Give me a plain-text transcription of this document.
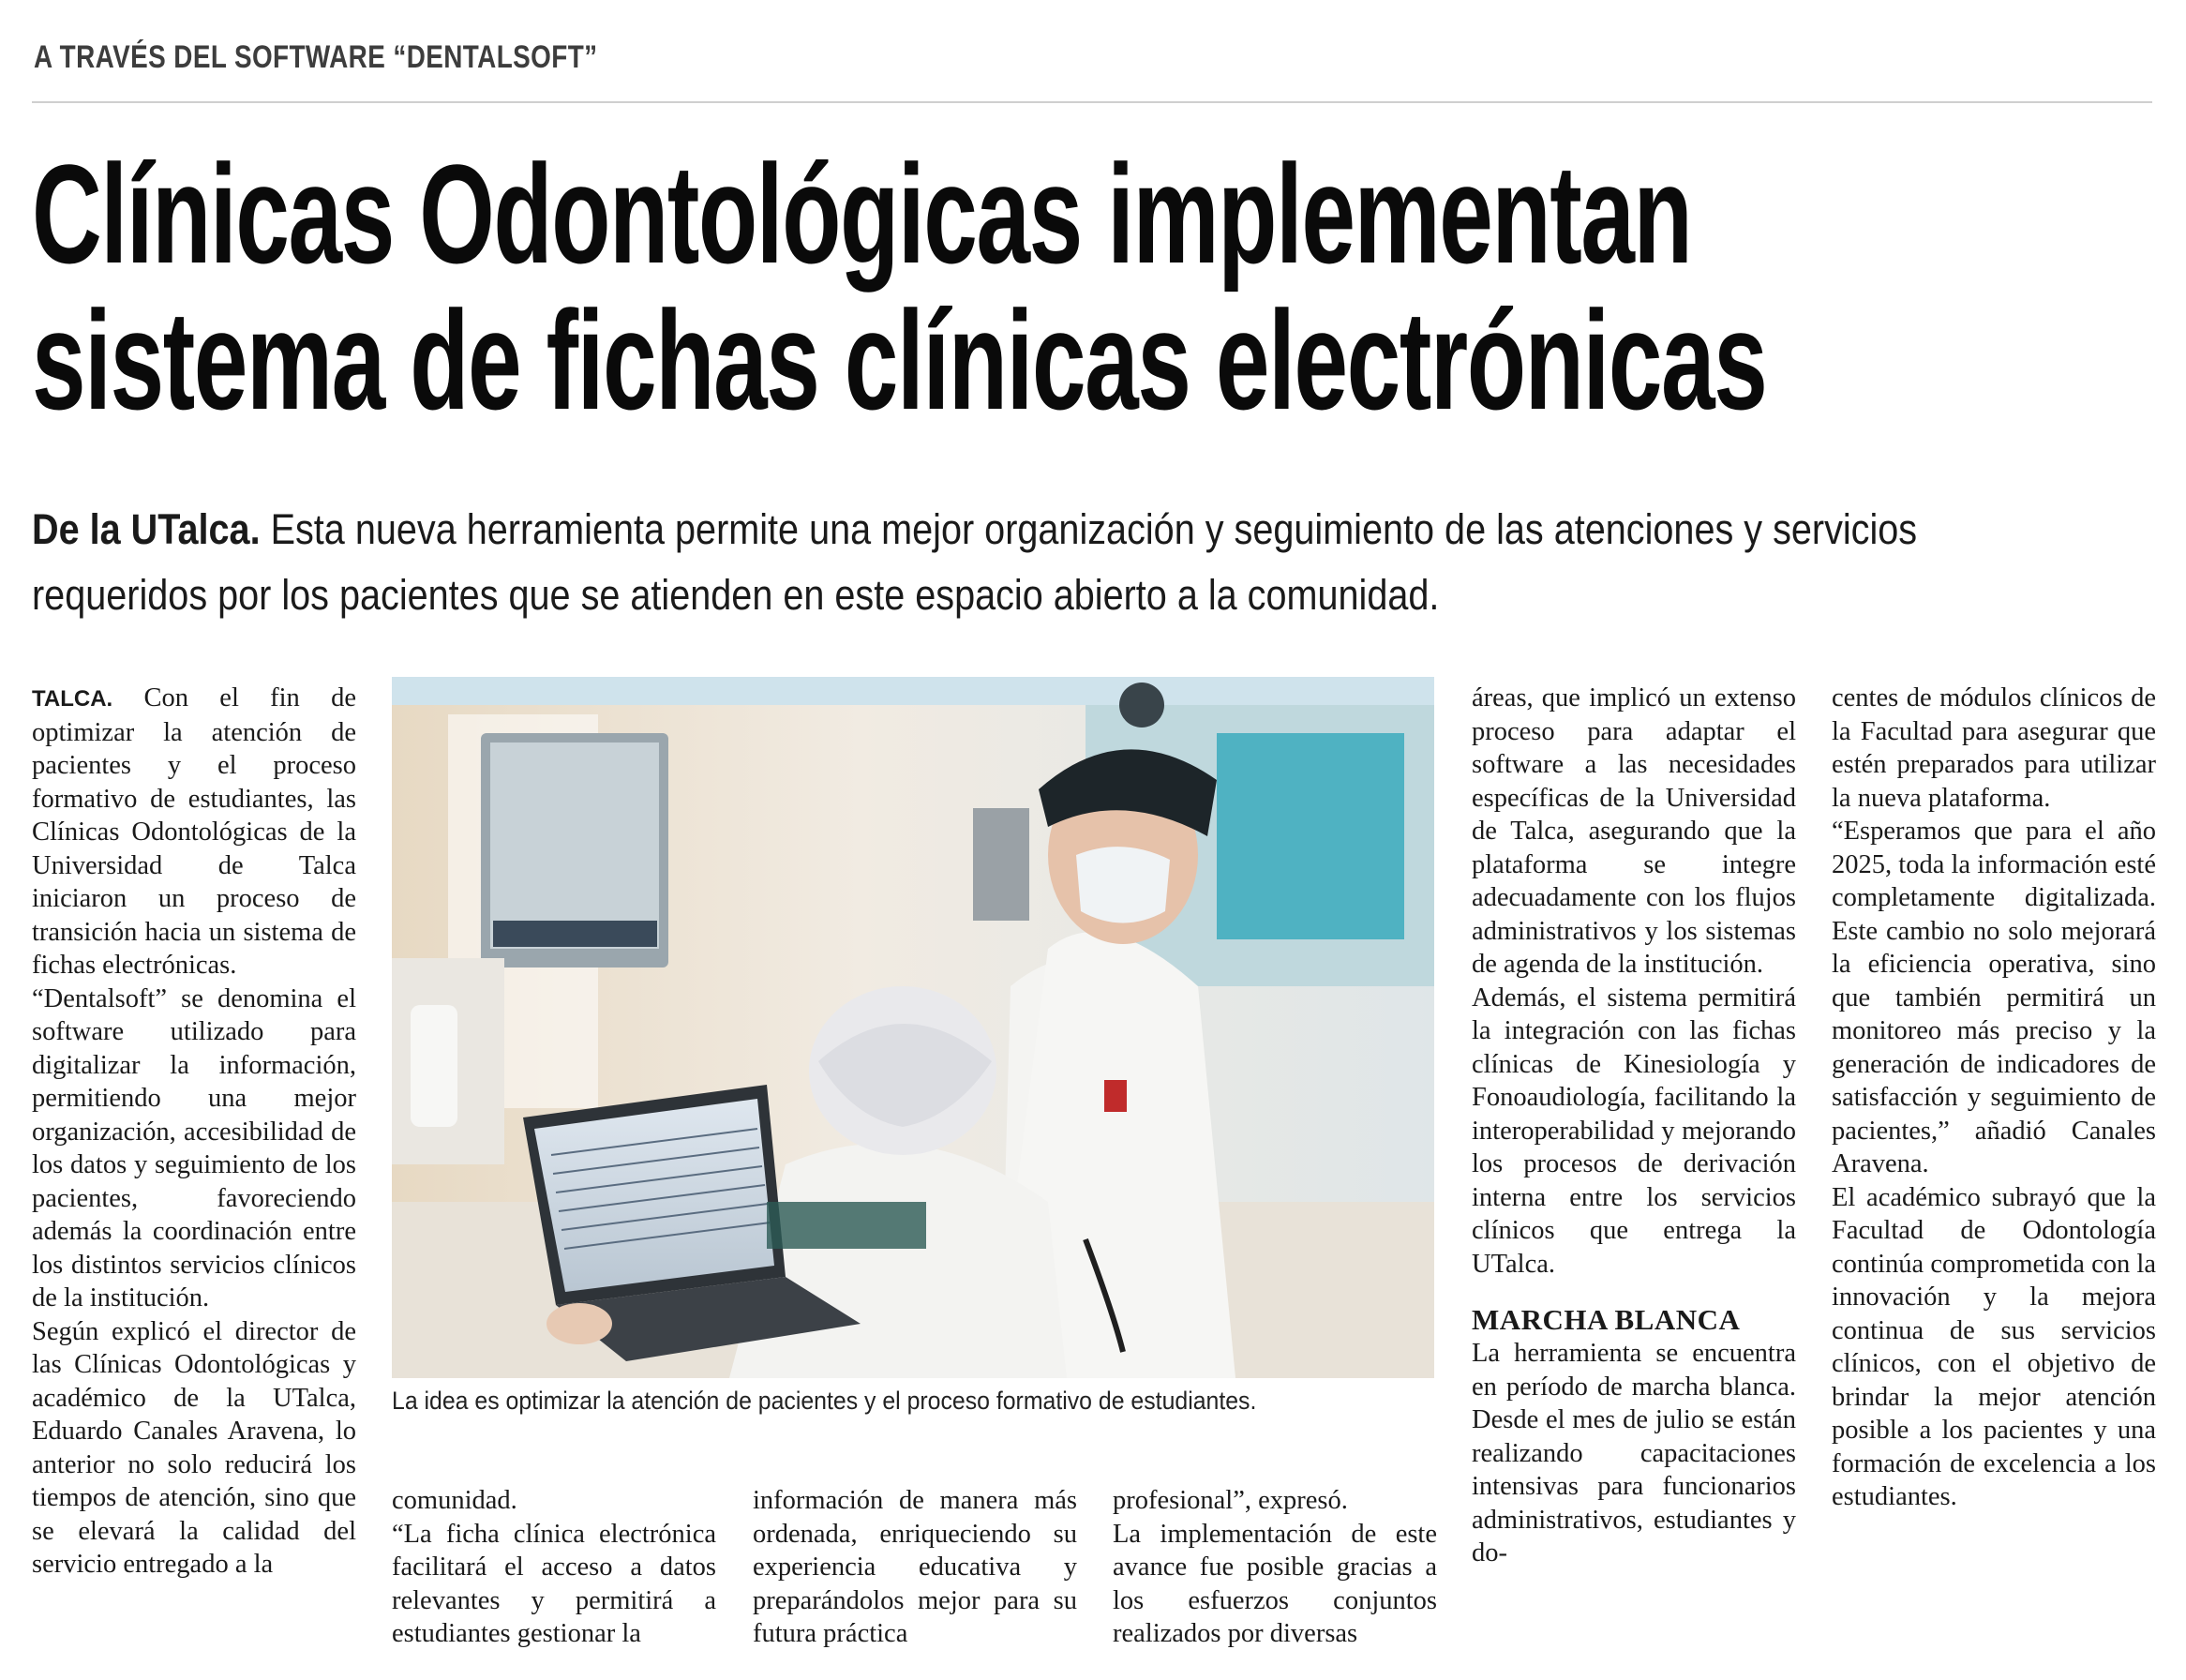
A TRAVÉS DEL SOFTWARE “DENTALSOFT”
Clínicas Odontológicas implementan
sistema de fichas clínicas electrónicas
De la UTalca. Esta nueva herramienta permite una mejor organización y seguimiento de las atenciones y servicios
requeridos por los pacientes que se atienden en este espacio abierto a la comunidad.

TALCA. Con el fin de optimizar la atención de pacientes y el proceso formativo de estudiantes, las Clínicas Odontológicas de la Universidad de Talca iniciaron un proceso de transición hacia un sistema de fichas electrónicas.

“Dentalsoft” se denomina el software utilizado para digitalizar la información, permitiendo una mejor organización, accesibilidad de los datos y seguimiento de los pacientes, favoreciendo además la coordinación entre los distintos servicios clínicos de la institución.

Según explicó el director de las Clínicas Odontológicas y académico de la UTalca, Eduardo Canales Aravena, lo anterior no solo reducirá los tiempos de atención, sino que se elevará la calidad del servicio entregado a la

La idea es optimizar la atención de pacientes y el proceso formativo de estudiantes.

comunidad.

“La ficha clínica electrónica facilitará el acceso a datos relevantes y permitirá a estudiantes gestionar la

información de manera más ordenada, enriqueciendo su experiencia educativa y preparándolos mejor para su futura práctica

profesional”, expresó.

La implementación de este avance fue posible gracias a los esfuerzos conjuntos realizados por diversas

áreas, que implicó un extenso proceso para adaptar el software a las necesidades específicas de la Universidad de Talca, asegurando que la plataforma se integre adecuadamente con los flujos administrativos y los sistemas de agenda de la institución.

Además, el sistema permitirá la integración con las fichas clínicas de Kinesiología y Fonoaudiología, facilitando la interoperabilidad y mejorando los procesos de derivación interna entre los servicios clínicos que entrega la UTalca.

MARCHA BLANCA

La herramienta se encuentra en período de marcha blanca. Desde el mes de julio se están realizando capacitaciones intensivas para funcionarios administrativos, estudiantes y do-

centes de módulos clínicos de la Facultad para asegurar que estén preparados para utilizar la nueva plataforma.

“Esperamos que para el año 2025, toda la información esté completamente digitalizada. Este cambio no solo mejorará la eficiencia operativa, sino que también permitirá un monitoreo más preciso y la generación de indicadores de satisfacción y seguimiento de pacientes,” añadió Canales Aravena.

El académico subrayó que la Facultad de Odontología continúa comprometida con la innovación y la mejora continua de sus servicios clínicos, con el objetivo de brindar la mejor atención posible a los pacientes y una formación de excelencia a los estudiantes.
